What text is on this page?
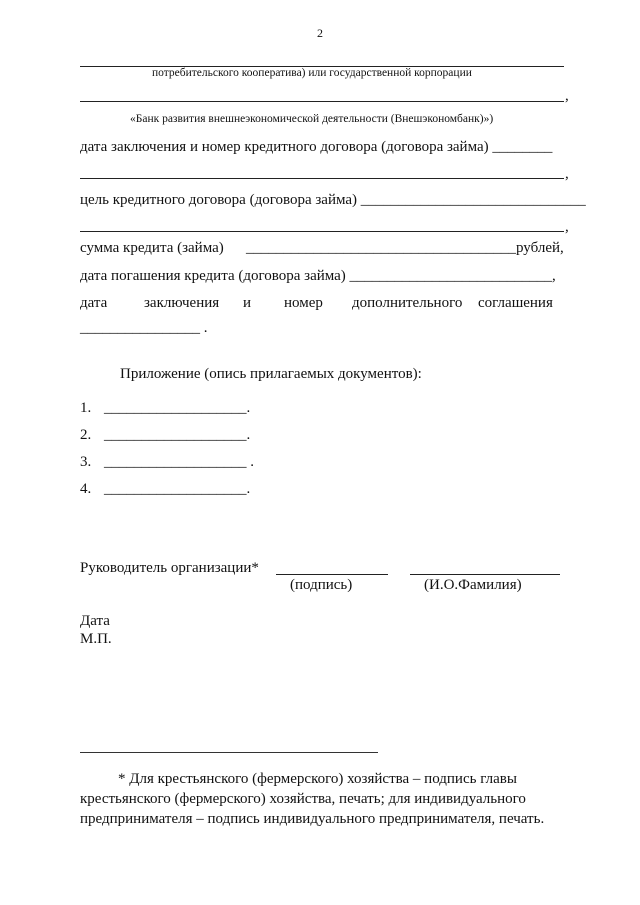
2
потребительского кооператива) или государственной корпорации
,
«Банк развития внешнеэкономической деятельности (Внешэкономбанк)»)
дата заключения и номер кредитного договора (договора займа) ________
,
цель кредитного договора (договора займа) ______________________________
,
сумма кредита (займа) ____________________________________ рублей,
дата погашения кредита (договора займа) ___________________________,
дата заключения и номер дополнительного соглашения
________________ .
Приложение (опись прилагаемых документов):
1. ___________________.
2. ___________________.
3. ___________________ .
4. ___________________.
Руководитель организации*
(подпись)	(И.О.Фамилия)
Дата
М.П.
* Для крестьянского (фермерского) хозяйства – подпись главы
крестьянского (фермерского) хозяйства, печать; для индивидуального
предпринимателя – подпись индивидуального предпринимателя, печать.
